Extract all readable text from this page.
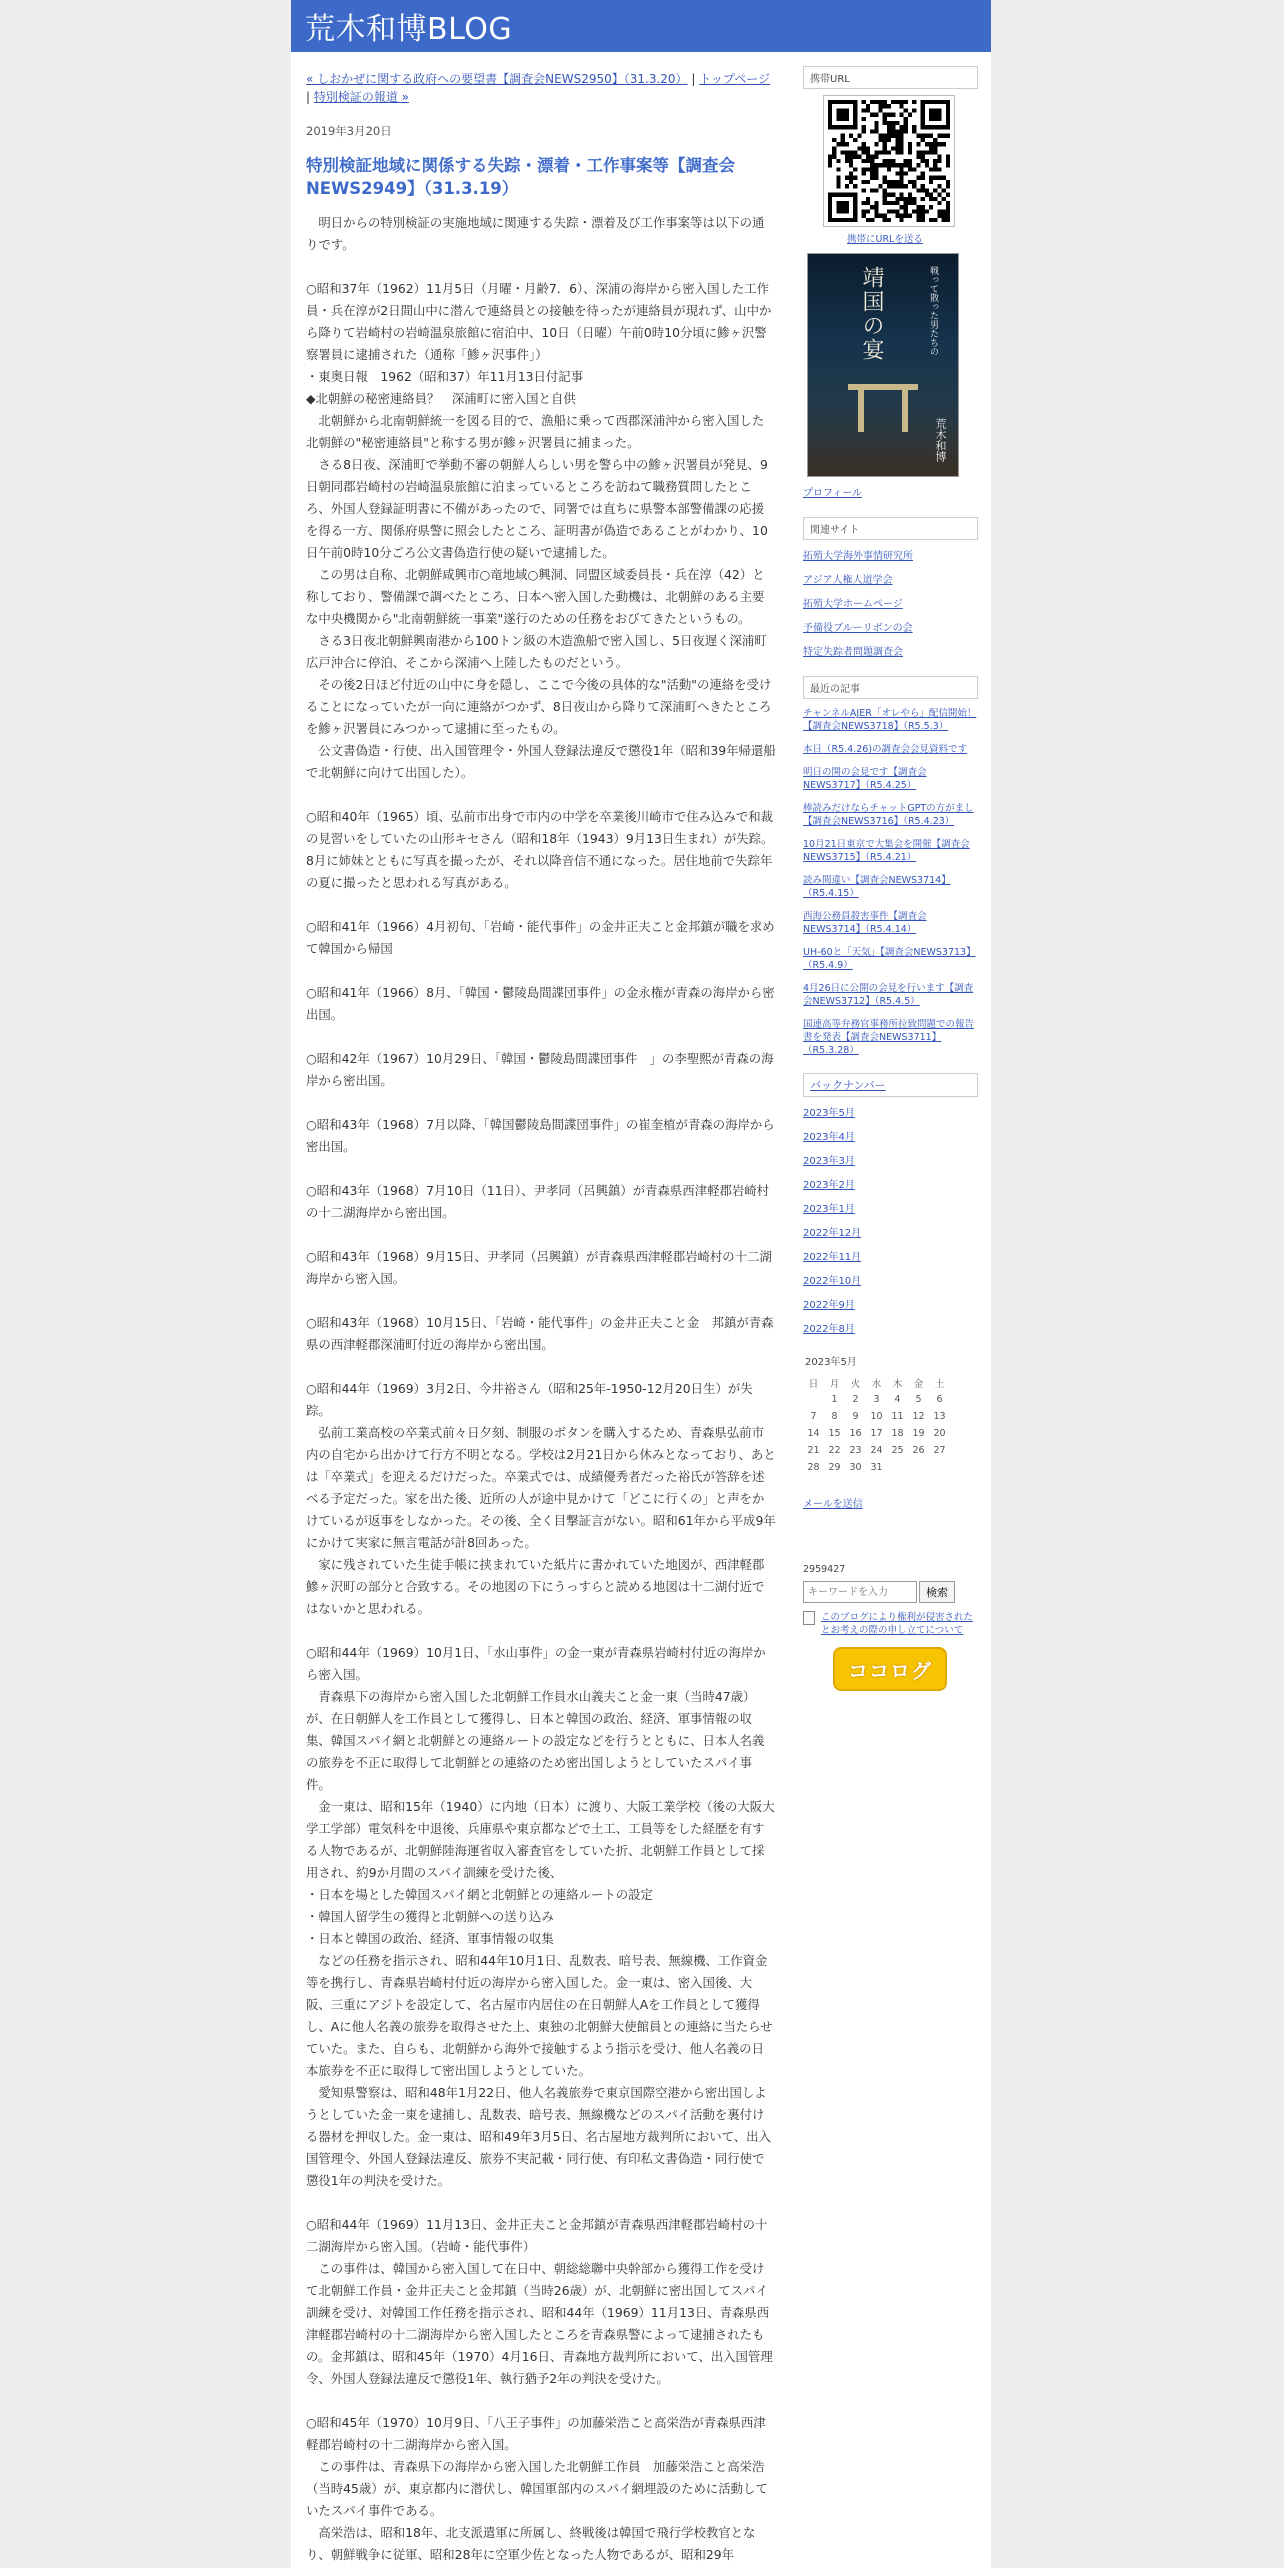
荒木和博BLOG
« しおかぜに関する政府への要望書【調査会NEWS2950】（31.3.20） | トップページ | 特別検証の報道 »
2019年3月20日
特別検証地域に関係する失踪・漂着・工作事案等【調査会NEWS2949】（31.3.19）

　明日からの特別検証の実施地域に関連する失踪・漂着及び工作事案等は以下の通りです。

○昭和37年（1962）11月5日（月曜・月齢7．6）、深浦の海岸から密入国した工作員・兵在淳が2日間山中に潜んで連絡員との接触を待ったが連絡員が現れず、山中から降りて岩崎村の岩崎温泉旅館に宿泊中、10日（日曜）午前0時10分頃に鯵ヶ沢警察署員に逮捕された（通称「鯵ヶ沢事件」）

・東奥日報　1962（昭和37）年11月13日付記事

◆北朝鮮の秘密連絡員？　深浦町に密入国と自供

　北朝鮮から北南朝鮮統一を図る目的で、漁船に乗って西郡深浦沖から密入国した北朝鮮の"秘密連絡員"と称する男が鯵ヶ沢署員に捕まった。

　さる8日夜、深浦町で挙動不審の朝鮮人らしい男を警ら中の鯵ヶ沢署員が発見、9日朝同郡岩崎村の岩崎温泉旅館に泊まっているところを訪ねて職務質問したところ、外国人登録証明書に不備があったので、同署では直ちに県警本部警備課の応援を得る一方、関係府県警に照会したところ、証明書が偽造であることがわかり、10日午前0時10分ごろ公文書偽造行使の疑いで逮捕した。

　この男は自称、北朝鮮咸興市○竜地域○興洞、同盟区域委員長・兵在淳（42）と称しており、警備課で調べたところ、日本へ密入国した動機は、北朝鮮のある主要な中央機関から"北南朝鮮統一事業"遂行のための任務をおびてきたというもの。

　さる3日夜北朝鮮興南港から100トン級の木造漁船で密入国し、5日夜遅く深浦町広戸沖合に停泊、そこから深浦へ上陸したものだという。

　その後2日ほど付近の山中に身を隠し、ここで今後の具体的な"活動"の連絡を受けることになっていたが一向に連絡がつかず、8日夜山から降りて深浦町へきたところを鯵ヶ沢署員にみつかって逮捕に至ったもの。

　公文書偽造・行使、出入国管理令・外国人登録法違反で懲役1年（昭和39年帰還船で北朝鮮に向けて出国した）。

○昭和40年（1965）頃、弘前市出身で市内の中学を卒業後川崎市で住み込みで和裁の見習いをしていたの山形キセさん（昭和18年（1943）9月13日生まれ）が失踪。8月に姉妹とともに写真を撮ったが、それ以降音信不通になった。居住地前で失踪年の夏に撮ったと思われる写真がある。

○昭和41年（1966）4月初旬、「岩崎・能代事件」の金井正夫こと金邦鎮が職を求めて韓国から帰国

○昭和41年（1966）8月、「韓国・鬱陵島間諜団事件」の金永権が青森の海岸から密出国。

○昭和42年（1967）10月29日、「韓国・鬱陵島間諜団事件　」の李聖熙が青森の海岸から密出国。

○昭和43年（1968）7月以降、「韓国鬱陵島間諜団事件」の崔奎植が青森の海岸から密出国。

○昭和43年（1968）7月10日（11日）、尹孝同（呂興鎮）が青森県西津軽郡岩崎村の十二湖海岸から密出国。

○昭和43年（1968）9月15日、尹孝同（呂興鎮）が青森県西津軽郡岩崎村の十二湖海岸から密入国。

○昭和43年（1968）10月15日、「岩崎・能代事件」の金井正夫こと金　邦鎮が青森県の西津軽郡深浦町付近の海岸から密出国。

○昭和44年（1969）3月2日、今井裕さん（昭和25年-1950-12月20日生）が失踪。

　弘前工業高校の卒業式前々日夕刻、制服のボタンを購入するため、青森県弘前市内の自宅から出かけて行方不明となる。学校は2月21日から休みとなっており、あとは「卒業式」を迎えるだけだった。卒業式では、成績優秀者だった裕氏が答辞を述べる予定だった。家を出た後、近所の人が途中見かけて「どこに行くの」と声をかけているが返事をしなかった。その後、全く目撃証言がない。昭和61年から平成9年にかけて実家に無言電話が計8回あった。

　家に残されていた生徒手帳に挟まれていた紙片に書かれていた地図が、西津軽郡鰺ヶ沢町の部分と合致する。その地図の下にうっすらと読める地図は十二湖付近ではないかと思われる。

○昭和44年（1969）10月1日、「水山事件」の金一東が青森県岩崎村付近の海岸から密入国。

　青森県下の海岸から密入国した北朝鮮工作員水山義夫こと金一東（当時47歳）が、在日朝鮮人を工作員として獲得し、日本と韓国の政治、経済、軍事情報の収集、韓国スパイ網と北朝鮮との連絡ルートの設定などを行うとともに、日本人名義の旅券を不正に取得して北朝鮮との連絡のため密出国しようとしていたスパイ事件。

　金一東は、昭和15年（1940）に内地（日本）に渡り、大阪工業学校（後の大阪大学工学部）電気科を中退後、兵庫県や東京都などで土工、工員等をした経歴を有する人物であるが、北朝鮮陸海運省収入審査官をしていた折、北朝鮮工作員として採用され、約9か月間のスパイ訓練を受けた後、

・日本を場とした韓国スパイ網と北朝鮮との連絡ルートの設定

・韓国人留学生の獲得と北朝鮮への送り込み

・日本と韓国の政治、経済、軍事情報の収集

　などの任務を指示され、昭和44年10月1日、乱数表、暗号表、無線機、工作資金等を携行し、青森県岩崎村付近の海岸から密入国した。金一東は、密入国後、大阪、三重にアジトを設定して、名古屋市内居住の在日朝鮮人Aを工作員として獲得し、Aに他人名義の旅券を取得させた上、東独の北朝鮮大使館員との連絡に当たらせていた。また、自らも、北朝鮮から海外で接触するよう指示を受け、他人名義の日本旅券を不正に取得して密出国しようとしていた。

　愛知県警察は、昭和48年1月22日、他人名義旅券で東京国際空港から密出国しようとしていた金一東を逮捕し、乱数表、暗号表、無線機などのスパイ活動を裏付ける器材を押収した。金一東は、昭和49年3月5日、名古屋地方裁判所において、出入国管理令、外国人登録法違反、旅券不実記載・同行使、有印私文書偽造・同行使で懲役1年の判決を受けた。

○昭和44年（1969）11月13日、金井正夫こと金邦鎮が青森県西津軽郡岩崎村の十二湖海岸から密入国。（岩崎・能代事件）

　この事件は、韓国から密入国して在日中、朝総総聯中央幹部から獲得工作を受けて北朝鮮工作員・金井正夫こと金邦鎮（当時26歳）が、北朝鮮に密出国してスパイ訓練を受け、対韓国工作任務を指示され、昭和44年（1969）11月13日、青森県西津軽郡岩崎村の十二湖海岸から密入国したところを青森県警によって逮捕されたもの。金邦鎮は、昭和45年（1970）4月16日、青森地方裁判所において、出入国管理令、外国人登録法違反で懲役1年、執行猶予2年の判決を受けた。

○昭和45年（1970）10月9日、「八王子事件」の加藤栄浩こと高栄浩が青森県西津軽郡岩崎村の十二湖海岸から密入国。

　この事件は、青森県下の海岸から密入国した北朝鮮工作員　加藤栄浩こと高栄浩（当時45歳）が、東京都内に潜伏し、韓国軍部内のスパイ網埋設のために活動していたスパイ事件である。

　高栄浩は、昭和18年、北支派遣軍に所属し、終戦後は韓国で飛行学校教官となり、朝鮮戦争に従軍、昭和28年に空軍少佐となった人物であるが、昭和29年

携帯URL
携帯にURLを送る
靖国の宴	戦って散った男たちの
荒木和博
プロフィール
関連サイト
拓殖大学海外事情研究所
アジア人権人道学会
拓殖大学ホームページ
予備役ブルーリボンの会
特定失踪者問題調査会
最近の記事
チャンネルAJER「オレやら」配信開始！【調査会NEWS3718】（R5.5.3）
本日（R5.4.26)の調査会会見資料です
明日の開の会見です【調査会NEWS3717】（R5.4.25）
棒読みだけならチャットGPTの方がまし【調査会NEWS3716】（R5.4.23）
10月21日東京で大集会を開催【調査会NEWS3715】（R5.4.21）
読み間違い【調査会NEWS3714】（R5.4.15）
西海公務員殺害事件【調査会NEWS3714】（R5.4.14）
UH-60と「天気」【調査会NEWS3713】（R5.4.9）
4月26日に公開の会見を行います【調査会NEWS3712】（R5.4.5）
国連高等弁務官事務所拉致問題での報告書を発表【調査会NEWS3711】（R5.3.28）
バックナンバー
2023年5月
2023年4月
2023年3月
2023年2月
2023年1月
2022年12月
2022年11月
2022年10月
2022年9月
2022年8月
2023年5月
日	月	火	水	木	金	土
	1	2	3	4	5	6
7	8	9	10	11	12	13
14	15	16	17	18	19	20
21	22	23	24	25	26	27
28	29	30	31			
メールを送信
2959427
キーワードを入力
検索
このブログにより権利が侵害されたとお考えの際の申し立てについて
ココログ
